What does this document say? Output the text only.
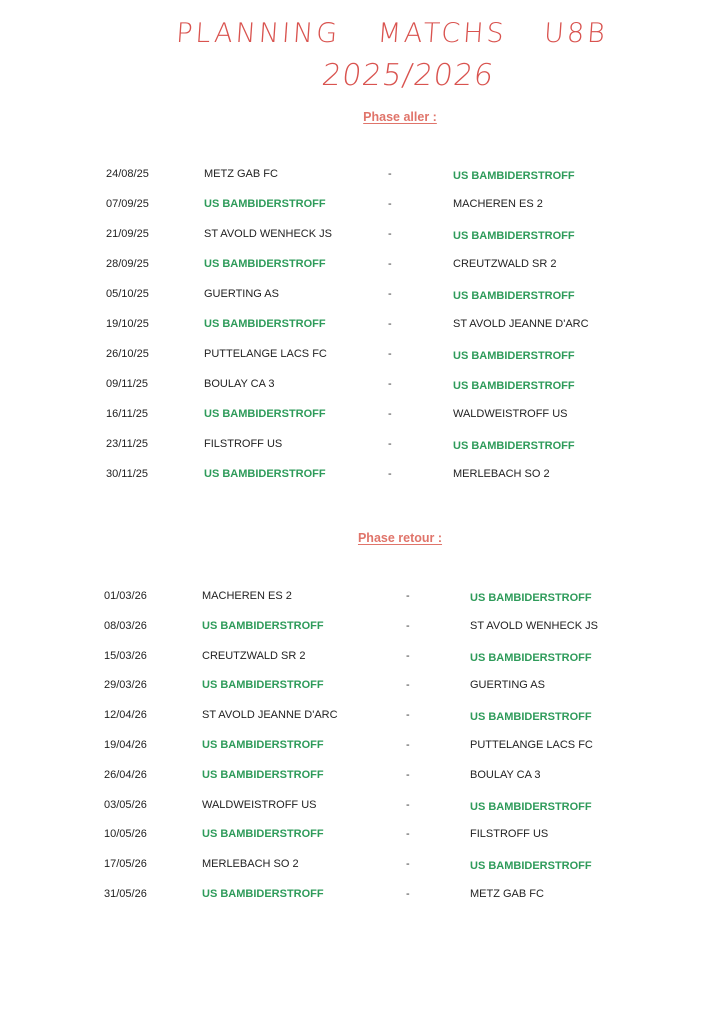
PLANNING MATCHS U8B
2025/2026
Phase aller :
24/08/25	METZ GAB FC	-	US BAMBIDERSTROFF
07/09/25	US BAMBIDERSTROFF	-	MACHEREN ES 2
21/09/25	ST AVOLD WENHECK JS	-	US BAMBIDERSTROFF
28/09/25	US BAMBIDERSTROFF	-	CREUTZWALD SR 2
05/10/25	GUERTING AS	-	US BAMBIDERSTROFF
19/10/25	US BAMBIDERSTROFF	-	ST AVOLD JEANNE D'ARC
26/10/25	PUTTELANGE LACS FC	-	US BAMBIDERSTROFF
09/11/25	BOULAY CA 3	-	US BAMBIDERSTROFF
16/11/25	US BAMBIDERSTROFF	-	WALDWEISTROFF US
23/11/25	FILSTROFF US	-	US BAMBIDERSTROFF
30/11/25	US BAMBIDERSTROFF	-	MERLEBACH SO 2
Phase retour :
01/03/26	MACHEREN ES 2	-	US BAMBIDERSTROFF
08/03/26	US BAMBIDERSTROFF	-	ST AVOLD WENHECK JS
15/03/26	CREUTZWALD SR 2	-	US BAMBIDERSTROFF
29/03/26	US BAMBIDERSTROFF	-	GUERTING AS
12/04/26	ST AVOLD JEANNE D'ARC	-	US BAMBIDERSTROFF
19/04/26	US BAMBIDERSTROFF	-	PUTTELANGE LACS FC
26/04/26	US BAMBIDERSTROFF	-	BOULAY CA 3
03/05/26	WALDWEISTROFF US	-	US BAMBIDERSTROFF
10/05/26	US BAMBIDERSTROFF	-	FILSTROFF US
17/05/26	MERLEBACH SO 2	-	US BAMBIDERSTROFF
31/05/26	US BAMBIDERSTROFF	-	METZ GAB FC
